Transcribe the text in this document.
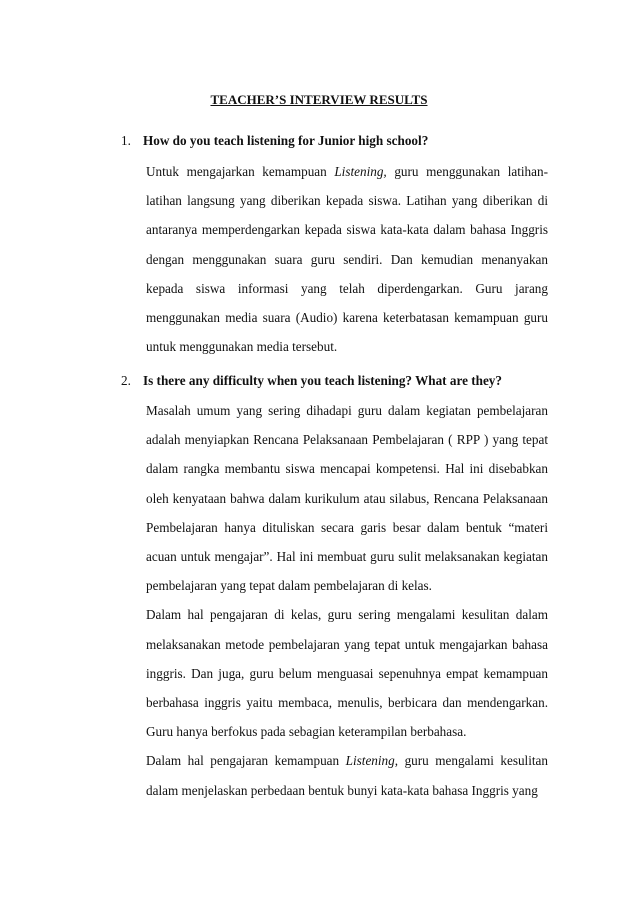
TEACHER’S INTERVIEW RESULTS
1. How do you teach listening for Junior high school?

Untuk mengajarkan kemampuan Listening, guru menggunakan latihan-latihan langsung yang diberikan kepada siswa. Latihan yang diberikan di antaranya memperdengarkan kepada siswa kata-kata dalam bahasa Inggris dengan menggunakan suara guru sendiri. Dan kemudian menanyakan kepada siswa informasi yang telah diperdengarkan. Guru jarang menggunakan media suara (Audio) karena keterbatasan kemampuan guru untuk menggunakan media tersebut.

2. Is there any difficulty when you teach listening? What are they?

Masalah umum yang sering dihadapi guru dalam kegiatan pembelajaran adalah menyiapkan Rencana Pelaksanaan Pembelajaran ( RPP ) yang tepat dalam rangka membantu siswa mencapai kompetensi. Hal ini disebabkan oleh kenyataan bahwa dalam kurikulum atau silabus, Rencana Pelaksanaan Pembelajaran hanya dituliskan secara garis besar dalam bentuk “materi acuan untuk mengajar”. Hal ini membuat guru sulit melaksanakan kegiatan pembelajaran yang tepat dalam pembelajaran di kelas.

Dalam hal pengajaran di kelas, guru sering mengalami kesulitan dalam melaksanakan metode pembelajaran yang tepat untuk mengajarkan bahasa inggris. Dan juga, guru belum menguasai sepenuhnya empat kemampuan berbahasa inggris yaitu membaca, menulis, berbicara dan mendengarkan. Guru hanya berfokus pada sebagian keterampilan berbahasa.

Dalam hal pengajaran kemampuan Listening, guru mengalami kesulitan dalam menjelaskan perbedaan bentuk bunyi kata-kata bahasa Inggris yang
